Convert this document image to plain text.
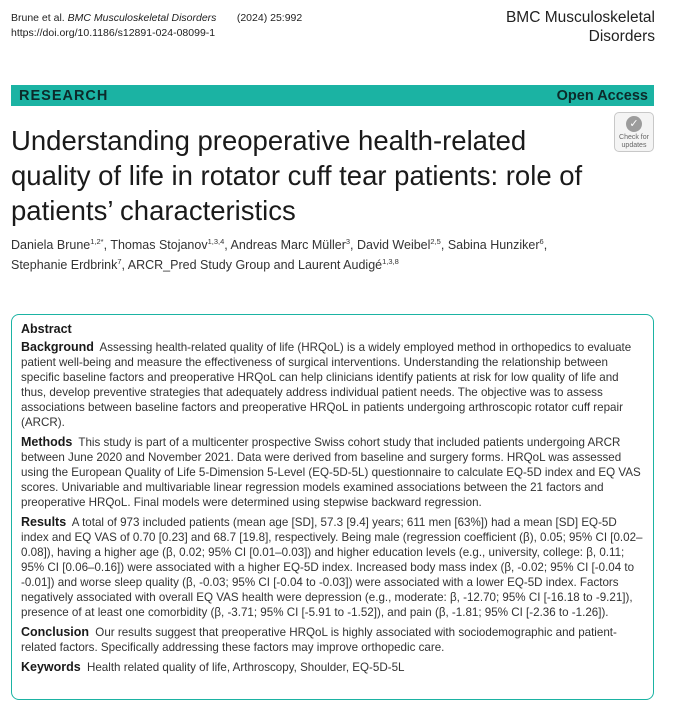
Brune et al. BMC Musculoskeletal Disorders (2024) 25:992
https://doi.org/10.1186/s12891-024-08099-1
BMC Musculoskeletal
Disorders
RESEARCH	Open Access
Understanding preoperative health-related quality of life in rotator cuff tear patients: role of patients’ characteristics
✓
Check for
updates
Daniela Brune$^{1,2*}$, Thomas Stojanov$^{1,3,4}$, Andreas Marc Müller$^3$, David Weibel$^{2,5}$, Sabina Hunziker$^6$,
Stephanie Erdbrink$^7$, ARCR_Pred Study Group and Laurent Audigé$^{1,3,8}$
Abstract

Background Assessing health-related quality of life (HRQoL) is a widely employed method in orthopedics to evaluate patient well-being and measure the effectiveness of surgical interventions. Understanding the relationship between specific baseline factors and preoperative HRQoL can help clinicians identify patients at risk for low quality of life and thus, develop preventive strategies that adequately address individual patient needs. The objective was to assess associations between baseline factors and preoperative HRQoL in patients undergoing arthroscopic rotator cuff repair (ARCR).

Methods This study is part of a multicenter prospective Swiss cohort study that included patients undergoing ARCR between June 2020 and November 2021. Data were derived from baseline and surgery forms. HRQoL was assessed using the European Quality of Life 5-Dimension 5-Level (EQ-5D-5L) questionnaire to calculate EQ-5D index and EQ VAS scores. Univariable and multivariable linear regression models examined associations between the 21 factors and preoperative HRQoL. Final models were determined using stepwise backward regression.

Results A total of 973 included patients (mean age [SD], 57.3 [9.4] years; 611 men [63%]) had a mean [SD] EQ-5D index and EQ VAS of 0.70 [0.23] and 68.7 [19.8], respectively. Being male (regression coefficient (β), 0.05; 95% CI [0.02–0.08]), having a higher age (β, 0.02; 95% CI [0.01–0.03]) and higher education levels (e.g., university, college: β, 0.11; 95% CI [0.06–0.16]) were associated with a higher EQ-5D index. Increased body mass index (β, -0.02; 95% CI [-0.04 to -0.01]) and worse sleep quality (β, -0.03; 95% CI [-0.04 to -0.03]) were associated with a lower EQ-5D index. Factors negatively associated with overall EQ VAS health were depression (e.g., moderate: β, -12.70; 95% CI [-16.18 to -9.21]), presence of at least one comorbidity (β, -3.71; 95% CI [-5.91 to -1.52]), and pain (β, -1.81; 95% CI [-2.36 to -1.26]).

Conclusion Our results suggest that preoperative HRQoL is highly associated with sociodemographic and patient-related factors. Specifically addressing these factors may improve orthopedic care.

Keywords Health related quality of life, Arthroscopy, Shoulder, EQ-5D-5L
